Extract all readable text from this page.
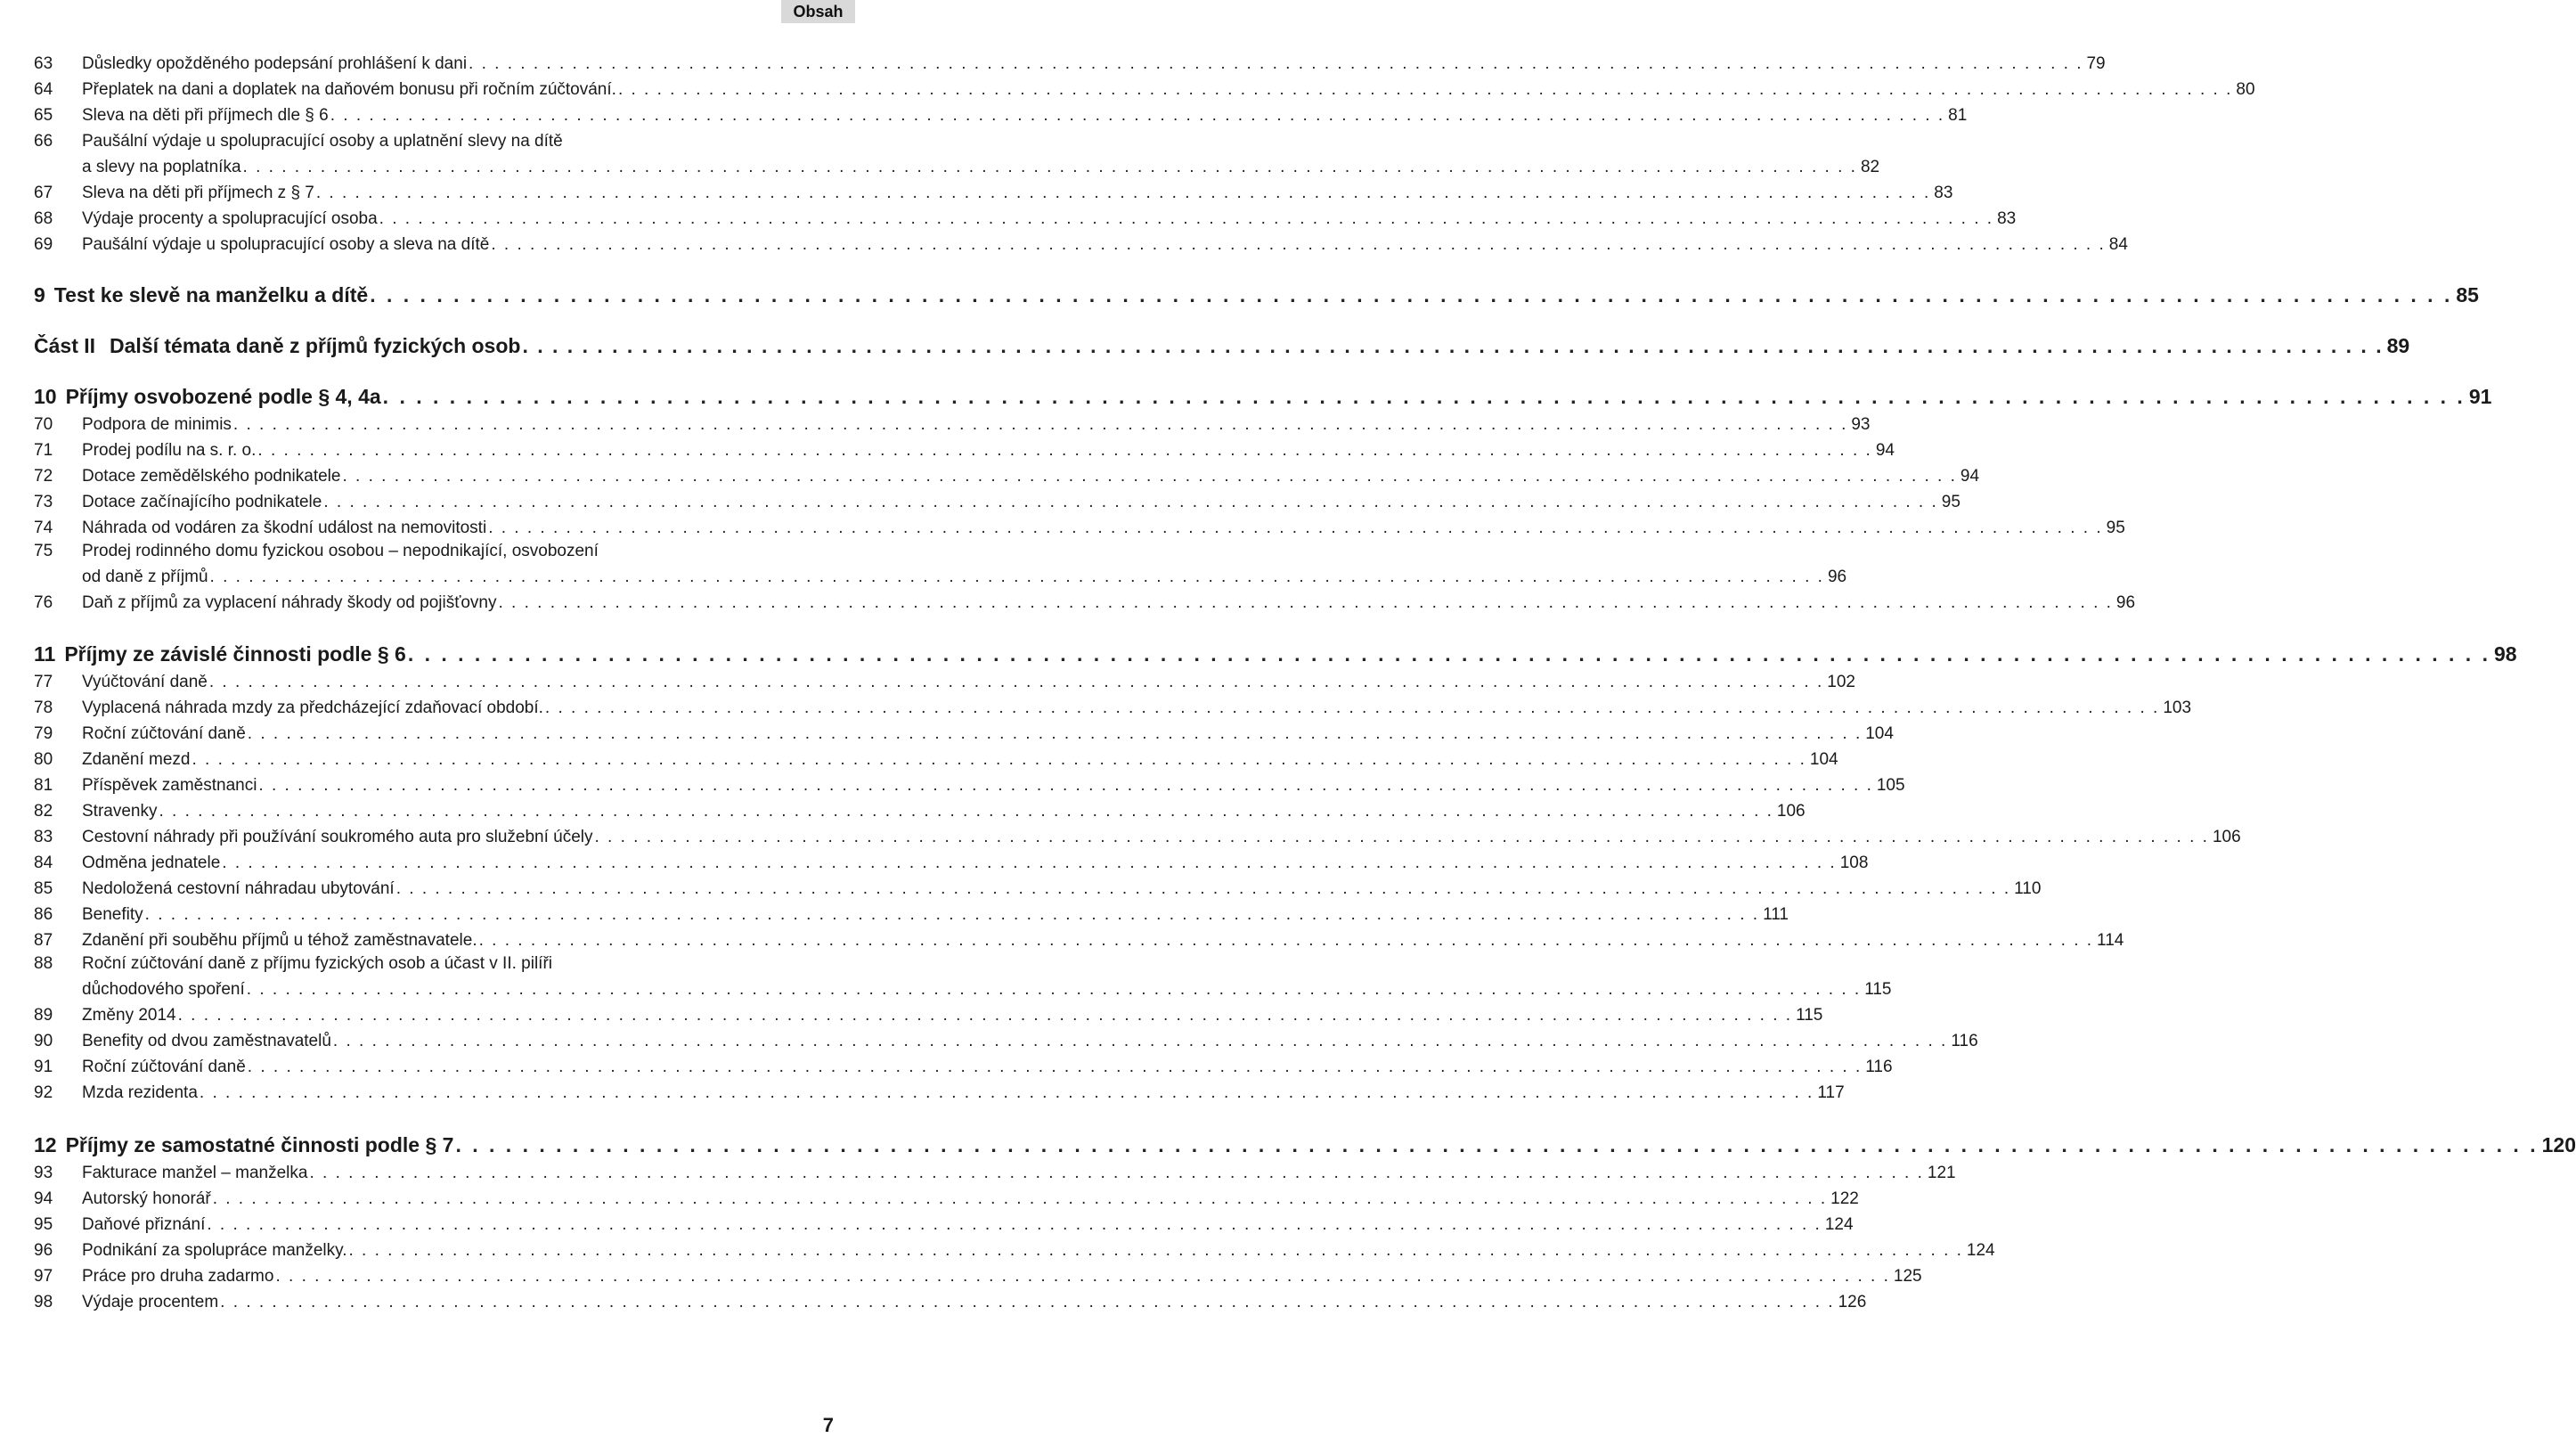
Obsah
63	Důsledky opožděného podepsání prohlášení k dani . . .	79
64	Přeplatek na dani a doplatek na daňovém bonusu při ročním zúčtování. . . .	80
65	Sleva na děti při příjmech dle § 6 . . .	81
66	Paušální výdaje u spolupracující osoby a uplatnění slevy na dítě
a slevy na poplatníka . . .	82
67	Sleva na děti při příjmech z § 7 . . .	83
68	Výdaje procenty a spolupracující osoba . . .	83
69	Paušální výdaje u spolupracující osoby a sleva na dítě . . .	84
9 Test ke slevě na manželku a dítě . . .	85
Část II Další témata daně z příjmů fyzických osob . . .	89
10 Příjmy osvobozené podle § 4, 4a . . .	91
70	Podpora de minimis . . .	93
71	Prodej podílu na s. r. o. . . .	94
72	Dotace zemědělského podnikatele . . .	94
73	Dotace začínajícího podnikatele . . .	95
74	Náhrada od vodáren za škodní událost na nemovitosti . . .	95
75	Prodej rodinného domu fyzickou osobou – nepodnikající, osvobození
od daně z příjmů . . .	96
76	Daň z příjmů za vyplacení náhrady škody od pojišťovny . . .	96
11 Příjmy ze závislé činnosti podle § 6 . . .	98
77	Vyúčtování daně . . .	102
78	Vyplacená náhrada mzdy za předcházející zdaňovací období. . . .	103
79	Roční zúčtování daně . . .	104
80	Zdanění mezd . . .	104
81	Příspěvek zaměstnanci . . .	105
82	Stravenky . . .	106
83	Cestovní náhrady při používání soukromého auta pro služební účely . . .	106
84	Odměna jednatele . . .	108
85	Nedoložená cestovní náhradau ubytování . . .	110
86	Benefity . . .	111
87	Zdanění při souběhu příjmů u téhož zaměstnavatele. . . .	114
88	Roční zúčtování daně z příjmu fyzických osob a účast v II. pilíři
důchodového spoření . . .	115
89	Změny 2014 . . .	115
90	Benefity od dvou zaměstnavatelů . . .	116
91	Roční zúčtování daně . . .	116
92	Mzda rezidenta . . .	117
12 Příjmy ze samostatné činnosti podle § 7 . . .	120
93	Fakturace manžel – manželka . . .	121
94	Autorský honorář . . .	122
95	Daňové přiznání . . .	124
96	Podnikání za spolupráce manželky. . . .	124
97	Práce pro druha zadarmo . . .	125
98	Výdaje procentem . . .	126
7
